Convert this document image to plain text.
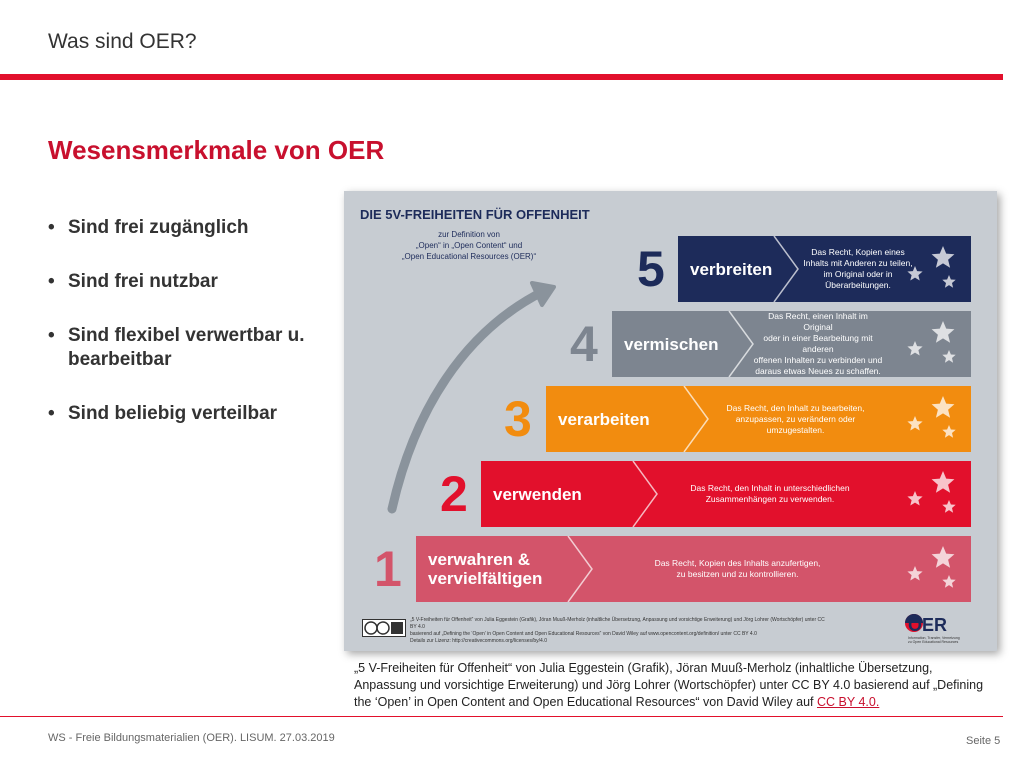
Was sind OER?
Wesensmerkmale von OER
• Sind frei zugänglich
• Sind frei nutzbar
• Sind flexibel verwertbar u. bearbeitbar
• Sind beliebig verteilbar
DIE 5V-FREIHEITEN FÜR OFFENHEIT
zur Definition von
„Open“ in „Open Content“ und
„Open Educational Resources (OER)“	5 verbreiten
Das Recht, Kopien eines
Inhalts mit Anderen zu teilen,
im Original oder in
Überarbeitungen.
4 vermischen
Das Recht, einen Inhalt im Original
oder in einer Bearbeitung mit anderen
offenen Inhalten zu verbinden und
daraus etwas Neues zu schaffen.
3 verarbeiten
Das Recht, den Inhalt zu bearbeiten,
anzupassen, zu verändern oder
umzugestalten.
2 verwenden	Das Recht, den Inhalt in unterschiedlichen
Zusammenhängen zu verwenden.
1 verwahren &
vervielfältigen
Das Recht, Kopien des Inhalts anzufertigen,
zu besitzen und zu kontrollieren.
„5 V-Freiheiten für Offenheit“ von Julia Eggestein (Grafik), Jöran Muuß-Merholz (inhaltliche Übersetzung, Anpassung und vorsichtige Erweiterung) und Jörg Lohrer (Wortschöpfer) unter CC BY 4.0
basierend auf „Defining the ‘Open’ in Open Content and Open Educational Resources“ von David Wiley auf www.opencontent.org/definition/ unter CC BY 4.0
Details zur Lizenz: http://creativecommons.org/licenses/by/4.0
OER
Information, Transfer, Vernetzung
zu Open Educational Resources
„5 V-Freiheiten für Offenheit“ von Julia Eggestein (Grafik), Jöran Muuß-Merholz (inhaltliche Übersetzung, Anpassung und vorsichtige Erweiterung) und Jörg Lohrer (Wortschöpfer) unter CC BY 4.0 basierend auf „Defining the ‘Open’ in Open Content and Open Educational Resources“ von David Wiley auf CC BY 4.0.
WS - Freie Bildungsmaterialien (OER). LISUM. 27.03.2019	Seite 5
